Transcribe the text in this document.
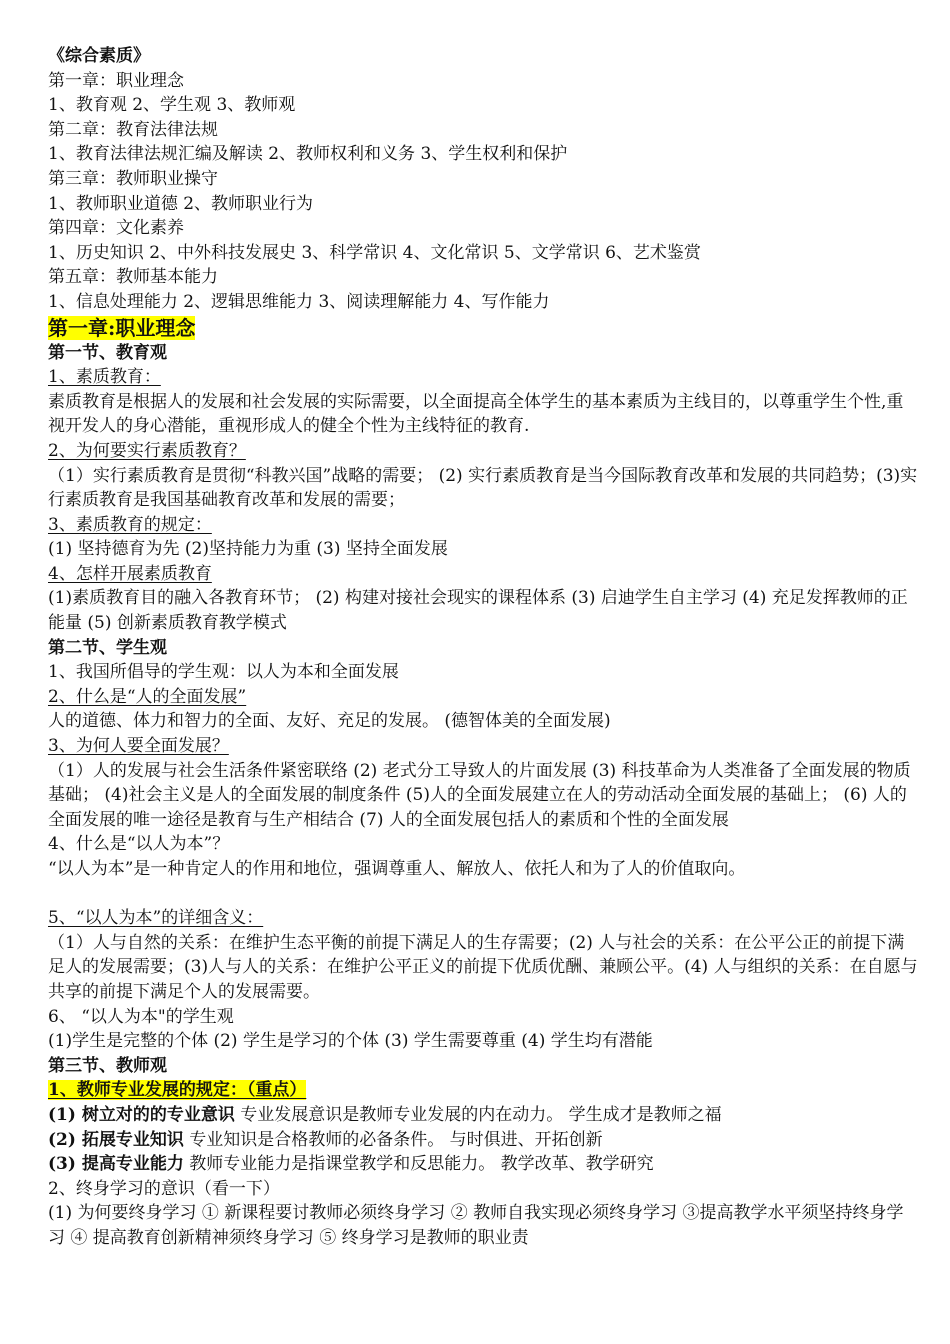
《综合素质》
第一章：职业理念
1、教育观 2、学生观 3、教师观
第二章：教育法律法规
1、教育法律法规汇编及解读 2、教师权利和义务 3、学生权利和保护
第三章：教师职业操守
1、教师职业道德 2、教师职业行为
第四章：文化素养
1、历史知识 2、中外科技发展史 3、科学常识 4、文化常识 5、文学常识 6、艺术鉴赏
第五章：教师基本能力
1、信息处理能力 2、逻辑思维能力 3、阅读理解能力 4、写作能力
第一章:职业理念
第一节、教育观
1、素质教育：
素质教育是根据人的发展和社会发展的实际需要，以全面提高全体学生的基本素质为主线目的，以尊重学生个性,重视开发人的身心潜能，重视形成人的健全个性为主线特征的教育.
2、为何要实行素质教育？
（1）实行素质教育是贯彻“科教兴国”战略的需要； (2) 实行素质教育是当今国际教育改革和发展的共同趋势；(3)实行素质教育是我国基础教育改革和发展的需要；
3、素质教育的规定：
(1) 坚持德育为先 (2)坚持能力为重 (3) 坚持全面发展
4、怎样开展素质教育
(1)素质教育目的融入各教育环节； (2) 构建对接社会现实的课程体系 (3) 启迪学生自主学习 (4) 充足发挥教师的正能量 (5) 创新素质教育教学模式
第二节、学生观
1、我国所倡导的学生观：以人为本和全面发展
2、什么是“人的全面发展”
人的道德、体力和智力的全面、友好、充足的发展。 (德智体美的全面发展)
3、为何人要全面发展？
（1）人的发展与社会生活条件紧密联络 (2) 老式分工导致人的片面发展 (3) 科技革命为人类准备了全面发展的物质基础； (4)社会主义是人的全面发展的制度条件 (5)人的全面发展建立在人的劳动活动全面发展的基础上； (6) 人的全面发展的唯一途径是教育与生产相结合 (7) 人的全面发展包括人的素质和个性的全面发展
4、什么是“以人为本”？
“以人为本”是一种肯定人的作用和地位，强调尊重人、解放人、依托人和为了人的价值取向。
5、“以人为本”的详细含义：
（1）人与自然的关系：在维护生态平衡的前提下满足人的生存需要；(2) 人与社会的关系：在公平公正的前提下满足人的发展需要；(3)人与人的关系：在维护公平正义的前提下优质优酬、兼顾公平。(4) 人与组织的关系：在自愿与共享的前提下满足个人的发展需要。
6、 “以人为本"的学生观
(1)学生是完整的个体 (2) 学生是学习的个体 (3) 学生需要尊重 (4) 学生均有潜能
第三节、教师观
1、教师专业发展的规定：（重点）
(1) 树立对的的专业意识 专业发展意识是教师专业发展的内在动力。 学生成才是教师之福
(2) 拓展专业知识 专业知识是合格教师的必备条件。 与时俱进、开拓创新
(3) 提高专业能力 教师专业能力是指课堂教学和反思能力。 教学改革、教学研究
2、终身学习的意识（看一下）
(1) 为何要终身学习 ① 新课程要讨教师必须终身学习 ② 教师自我实现必须终身学习 ③提高教学水平须坚持终身学习 ④ 提高教育创新精神须终身学习 ⑤ 终身学习是教师的职业责
